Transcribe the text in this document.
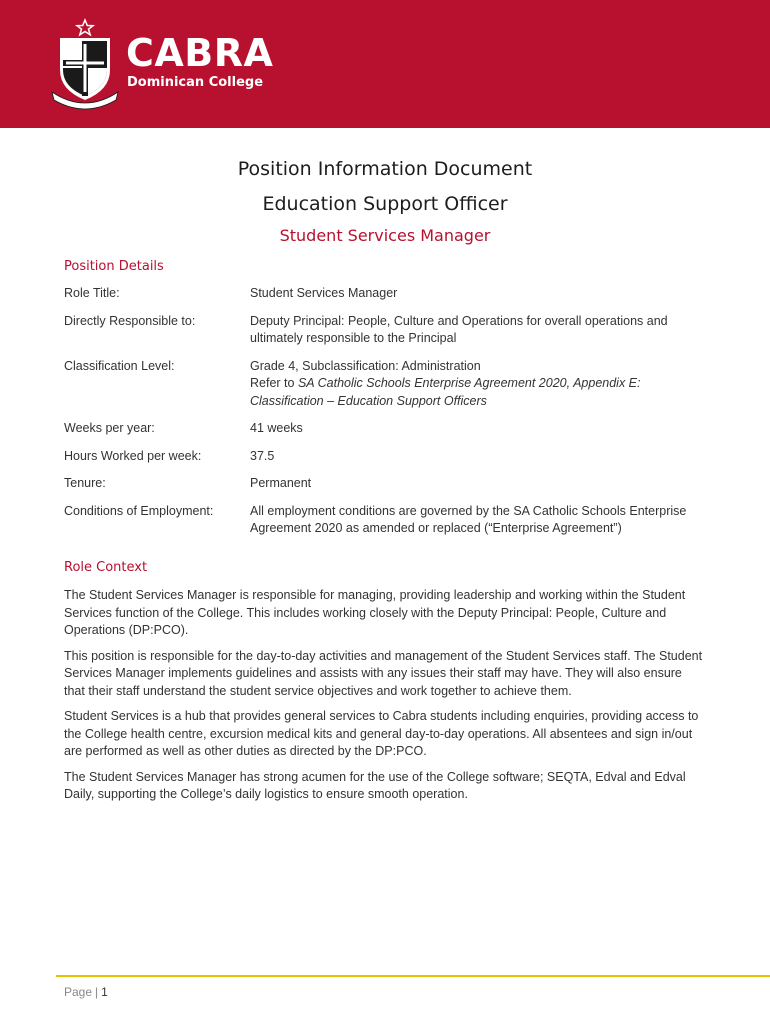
CABRA
Dominican College

Position Information Document

Education Support Officer

Student Services Manager

Position Details
Role Title:	Student Services Manager
Directly Responsible to:	Deputy Principal: People, Culture and Operations for overall operations and ultimately responsible to the Principal
Classification Level:	Grade 4, Subclassification: Administration
Refer to SA Catholic Schools Enterprise Agreement 2020, Appendix E: Classification – Education Support Officers
Weeks per year:	41 weeks
Hours Worked per week:	37.5
Tenure:	Permanent
Conditions of Employment:	All employment conditions are governed by the SA Catholic Schools Enterprise Agreement 2020 as amended or replaced (“Enterprise Agreement”)
Role Context

The Student Services Manager is responsible for managing, providing leadership and working within the Student Services function of the College. This includes working closely with the Deputy Principal: People, Culture and Operations (DP:PCO).

This position is responsible for the day-to-day activities and management of the Student Services staff. The Student Services Manager implements guidelines and assists with any issues their staff may have. They will also ensure that their staff understand the student service objectives and work together to achieve them.

Student Services is a hub that provides general services to Cabra students including enquiries, providing access to the College health centre, excursion medical kits and general day-to-day operations. All absentees and sign in/out are performed as well as other duties as directed by the DP:PCO.

The Student Services Manager has strong acumen for the use of the College software; SEQTA, Edval and Edval Daily, supporting the College’s daily logistics to ensure smooth operation.

Page | 1
